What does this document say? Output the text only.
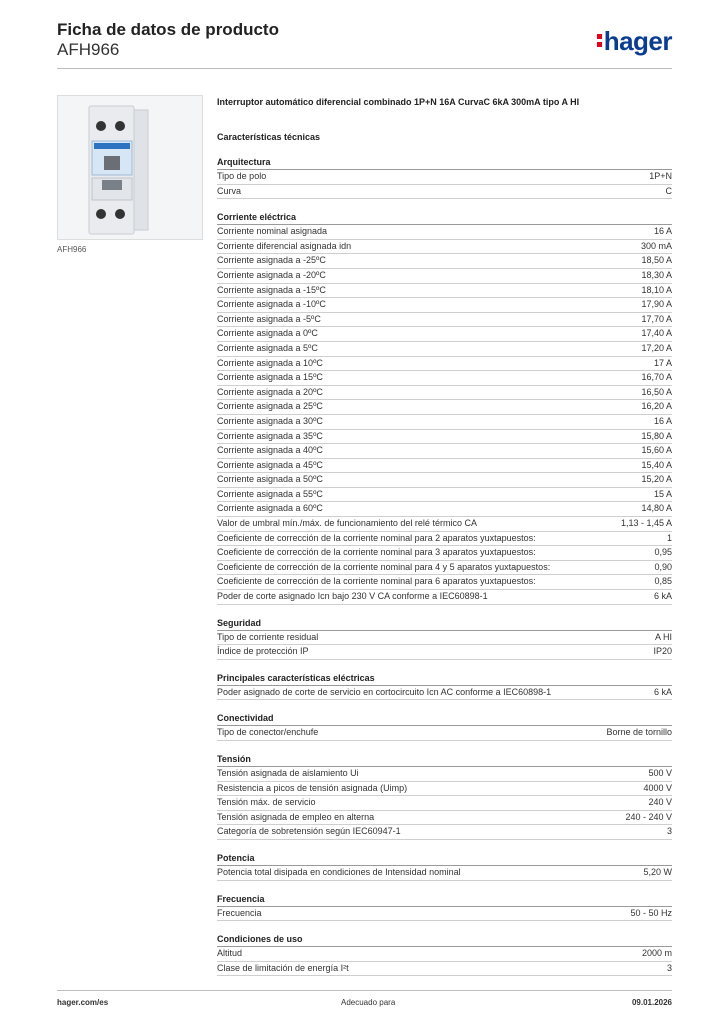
Ficha de datos de producto
AFH966	hager
AFH966
Interruptor automático diferencial combinado 1P+N 16A CurvaC 6kA 300mA tipo A HI
Características técnicas
Arquitectura
Tipo de polo	1P+N
Curva	C
Corriente eléctrica
Corriente nominal asignada	16 A
Corriente diferencial asignada idn	300 mA
Corriente asignada a -25ºC	18,50 A
Corriente asignada a -20ºC	18,30 A
Corriente asignada a -15ºC	18,10 A
Corriente asignada a -10ºC	17,90 A
Corriente asignada a -5ºC	17,70 A
Corriente asignada a 0ºC	17,40 A
Corriente asignada a 5ºC	17,20 A
Corriente asignada a 10ºC	17 A
Corriente asignada a 15ºC	16,70 A
Corriente asignada a 20ºC	16,50 A
Corriente asignada a 25ºC	16,20 A
Corriente asignada a 30ºC	16 A
Corriente asignada a 35ºC	15,80 A
Corriente asignada a 40ºC	15,60 A
Corriente asignada a 45ºC	15,40 A
Corriente asignada a 50ºC	15,20 A
Corriente asignada a 55ºC	15 A
Corriente asignada a 60ºC	14,80 A
Valor de umbral mín./máx. de funcionamiento del relé térmico CA	1,13 - 1,45 A
Coeficiente de corrección de la corriente nominal para 2 aparatos yuxtapuestos:	1
Coeficiente de corrección de la corriente nominal para 3 aparatos yuxtapuestos:	0,95
Coeficiente de corrección de la corriente nominal para 4 y 5 aparatos yuxtapuestos:	0,90
Coeficiente de corrección de la corriente nominal para 6 aparatos yuxtapuestos:	0,85
Poder de corte asignado Icn bajo 230 V CA conforme a IEC60898-1	6 kA
Seguridad
Tipo de corriente residual	A HI
Índice de protección IP	IP20
Principales características eléctricas
Poder asignado de corte de servicio en cortocircuito Icn AC conforme a IEC60898-1	6 kA
Conectividad
Tipo de conector/enchufe	Borne de tornillo
Tensión
Tensión asignada de aislamiento Ui	500 V
Resistencia a picos de tensión asignada (Uimp)	4000 V
Tensión máx. de servicio	240 V
Tensión asignada de empleo en alterna	240 - 240 V
Categoría de sobretensión según IEC60947-1	3
Potencia
Potencia total disipada en condiciones de Intensidad nominal	5,20 W
Frecuencia
Frecuencia	50 - 50 Hz
Condiciones de uso
Altitud	2000 m
Clase de limitación de energía I²t	3
hager.com/es	Adecuado para	09.01.2026
